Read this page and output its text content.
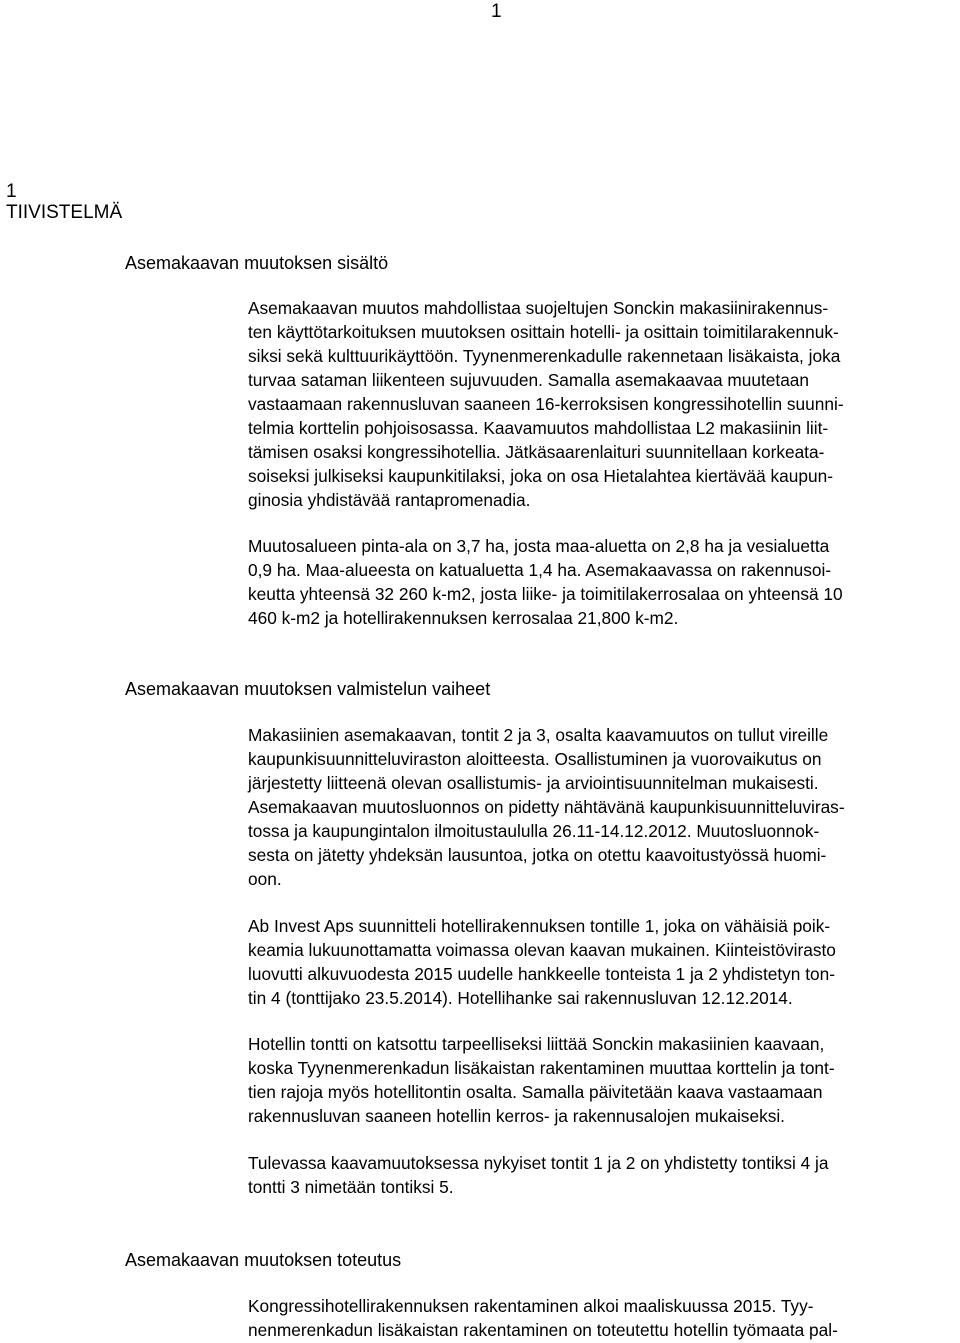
1
1
TIIVISTELMÄ
Asemakaavan muutoksen sisältö
Asemakaavan muutos mahdollistaa suojeltujen Sonckin makasiinirakennus-
ten käyttötarkoituksen muutoksen osittain hotelli- ja osittain toimitilarakennuk-
siksi sekä kulttuurikäyttöön. Tyynenmerenkadulle rakennetaan lisäkaista, joka
turvaa sataman liikenteen sujuvuuden. Samalla asemakaavaa muutetaan
vastaamaan rakennusluvan saaneen 16-kerroksisen kongressihotellin suunni-
telmia korttelin pohjoisosassa. Kaavamuutos mahdollistaa L2 makasiinin liit-
tämisen osaksi kongressihotellia. Jätkäsaarenlaituri suunnitellaan korkeata-
soiseksi julkiseksi kaupunkitilaksi, joka on osa Hietalahtea kiertävää kaupun-
ginosia yhdistävää rantapromenadia.
Muutosalueen pinta-ala on 3,7 ha, josta maa-aluetta on 2,8 ha ja vesialuetta
0,9 ha. Maa-alueesta on katualuetta 1,4 ha. Asemakaavassa on rakennusoi-
keutta yhteensä 32 260 k-m2, josta liike- ja toimitilakerrosalaa on yhteensä 10
460 k-m2 ja hotellirakennuksen kerrosalaa 21,800 k-m2.
Asemakaavan muutoksen valmistelun vaiheet
Makasiinien asemakaavan, tontit 2 ja 3, osalta kaavamuutos on tullut vireille
kaupunkisuunnitteluviraston aloitteesta. Osallistuminen ja vuorovaikutus on
järjestetty liitteenä olevan osallistumis- ja arviointisuunnitelman mukaisesti.
Asemakaavan muutosluonnos on pidetty nähtävänä kaupunkisuunnitteluviras-
tossa ja kaupungintalon ilmoitustaululla 26.11-14.12.2012. Muutosluonnok-
sesta on jätetty yhdeksän lausuntoa, jotka on otettu kaavoitustyössä huomi-
oon.
Ab Invest Aps suunnitteli hotellirakennuksen tontille 1, joka on vähäisiä poik-
keamia lukuunottamatta voimassa olevan kaavan mukainen. Kiinteistövirasto
luovutti alkuvuodesta 2015 uudelle hankkeelle tonteista 1 ja 2 yhdistetyn ton-
tin 4 (tonttijako 23.5.2014). Hotellihanke sai rakennusluvan 12.12.2014.
Hotellin tontti on katsottu tarpeelliseksi liittää Sonckin makasiinien kaavaan,
koska Tyynenmerenkadun lisäkaistan rakentaminen muuttaa korttelin ja tont-
tien rajoja myös hotellitontin osalta. Samalla päivitetään kaava vastaamaan
rakennusluvan saaneen hotellin kerros- ja rakennusalojen mukaiseksi.
Tulevassa kaavamuutoksessa nykyiset tontit 1 ja 2 on yhdistetty tontiksi 4 ja
tontti 3 nimetään tontiksi 5.
Asemakaavan muutoksen toteutus
Kongressihotellirakennuksen rakentaminen alkoi maaliskuussa 2015. Tyy-
nenmerenkadun lisäkaistan rakentaminen on toteutettu hotellin työmaata pal-
